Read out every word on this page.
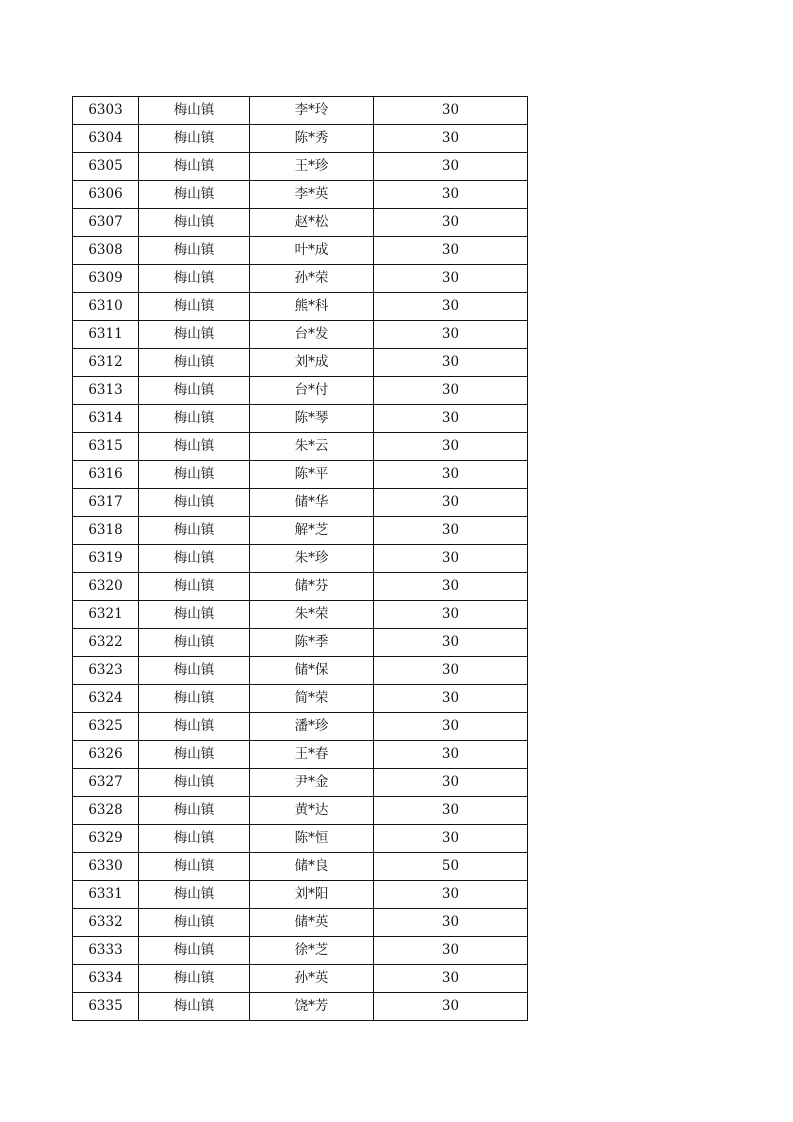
6303	梅山镇	李*玲	30
6304	梅山镇	陈*秀	30
6305	梅山镇	王*珍	30
6306	梅山镇	李*英	30
6307	梅山镇	赵*松	30
6308	梅山镇	叶*成	30
6309	梅山镇	孙*荣	30
6310	梅山镇	熊*科	30
6311	梅山镇	台*发	30
6312	梅山镇	刘*成	30
6313	梅山镇	台*付	30
6314	梅山镇	陈*琴	30
6315	梅山镇	朱*云	30
6316	梅山镇	陈*平	30
6317	梅山镇	储*华	30
6318	梅山镇	解*芝	30
6319	梅山镇	朱*珍	30
6320	梅山镇	储*芬	30
6321	梅山镇	朱*荣	30
6322	梅山镇	陈*季	30
6323	梅山镇	储*保	30
6324	梅山镇	简*荣	30
6325	梅山镇	潘*珍	30
6326	梅山镇	王*春	30
6327	梅山镇	尹*金	30
6328	梅山镇	黄*达	30
6329	梅山镇	陈*恒	30
6330	梅山镇	储*良	50
6331	梅山镇	刘*阳	30
6332	梅山镇	储*英	30
6333	梅山镇	徐*芝	30
6334	梅山镇	孙*英	30
6335	梅山镇	饶*芳	30
